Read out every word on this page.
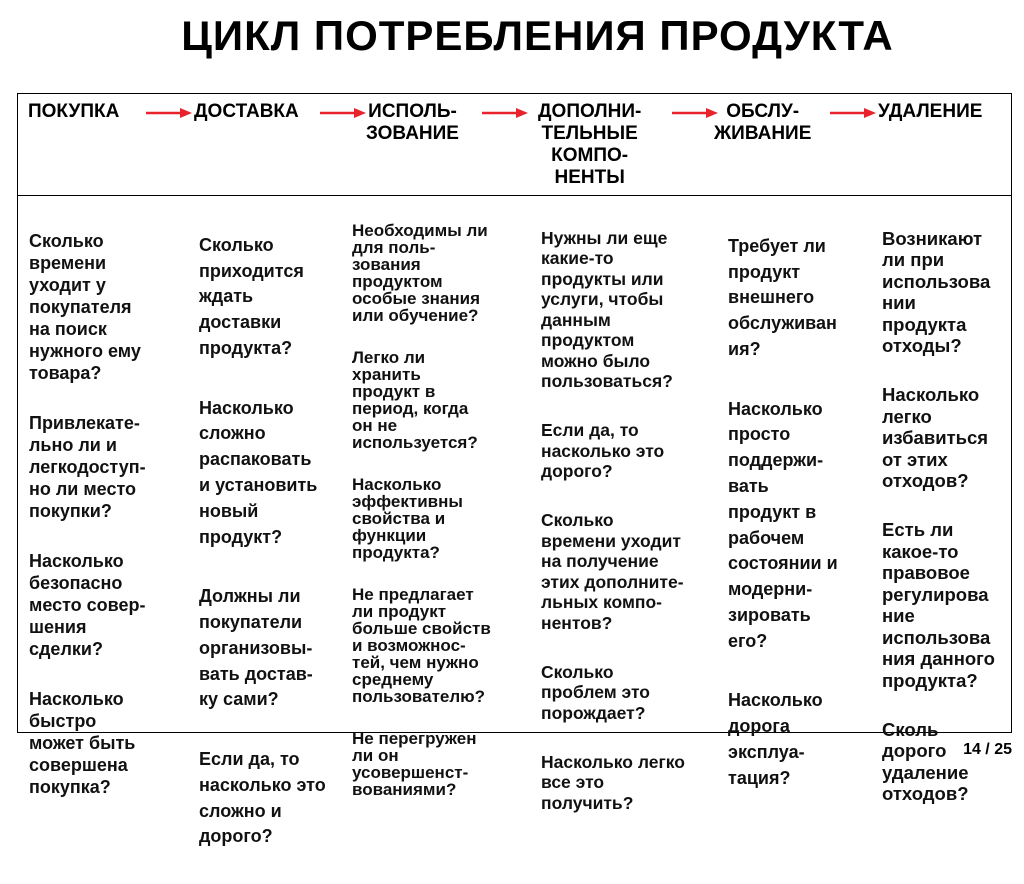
ЦИКЛ ПОТРЕБЛЕНИЯ ПРОДУКТА
ПОКУПКА	ДОСТАВКА	ИСПОЛЬ-
ЗОВАНИЕ
ДОПОЛНИ-
ТЕЛЬНЫЕ
КОМПО-
НЕНТЫ
ОБСЛУ-
ЖИВАНИЕ
УДАЛЕНИЕ

Сколько
времени
уходит у
покупателя
на поиск
нужного ему
товара?

Привлекате-
льно ли и
легкодоступ-
но ли место
покупки?

Насколько
безопасно
место совер-
шения
сделки?

Насколько
быстро
может быть
совершена
покупка?

Сколько
приходится
ждать
доставки
продукта?

Насколько
сложно
распаковать
и установить
новый
продукт?

Должны ли
покупатели
организовы-
вать достав-
ку сами?

Если да, то
насколько это
сложно и
дорого?

Необходимы ли
для поль-
зования
продуктом
особые знания
или обучение?

Легко ли
хранить
продукт в
период, когда
он не
используется?

Насколько
эффективны
свойства и
функции
продукта?

Не предлагает
ли продукт
больше свойств
и возможнос-
тей, чем нужно
среднему
пользователю?

Не перегружен
ли он
усовершенст-
вованиями?

Нужны ли еще
какие-то
продукты или
услуги, чтобы
данным
продуктом
можно было
пользоваться?

Если да, то
насколько это
дорого?

Сколько
времени уходит
на получение
этих дополните-
льных компо-
нентов?

Сколько
проблем это
порождает?

Насколько легко
все это
получить?

Требует ли
продукт
внешнего
обслуживан
ия?

Насколько
просто
поддержи-
вать
продукт в
рабочем
состоянии и
модерни-
зировать
его?

Насколько
дорога
эксплуа-
тация?

Возникают
ли при
использова
нии
продукта
отходы?

Насколько
легко
избавиться
от этих
отходов?

Есть ли
какое-то
правовое
регулирова
ние
использова
ния данного
продукта?

Сколь
дорого
удаление
отходов?

14 / 25
